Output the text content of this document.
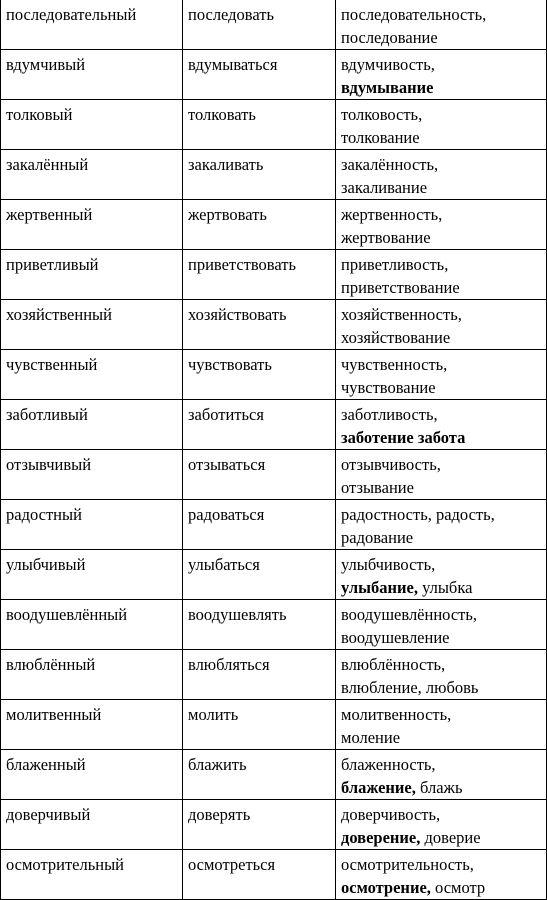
последовательный	последовать	последовательность,
последование

вдумчивый	вдумываться	вдумчивость,
вдумывание

толковый	толковать	толковость,
толкование

закалённый	закаливать	закалённость,
закаливание

жертвенный	жертвовать	жертвенность,
жертвование

приветливый	приветствовать	приветливость,
приветствование

хозяйственный	хозяйствовать	хозяйственность,
хозяйствование

чувственный	чувствовать	чувственность,
чувствование

заботливый	заботиться	заботливость,
заботение забота

отзывчивый	отзываться	отзывчивость,
отзывание

радостный	радоваться	радостность, радость,
радование

улыбчивый	улыбаться	улыбчивость,
улыбание, улыбка

воодушевлённый	воодушевлять	воодушевлённость,
воодушевление

влюблённый	влюбляться	влюблённость,
влюбление, любовь

молитвенный	молить	молитвенность,
моление

блаженный	блажить	блаженность,
блажение, блажь

доверчивый	доверять	доверчивость,
доверение, доверие

осмотрительный	осмотреться	осмотрительность,
осмотрение, осмотр
